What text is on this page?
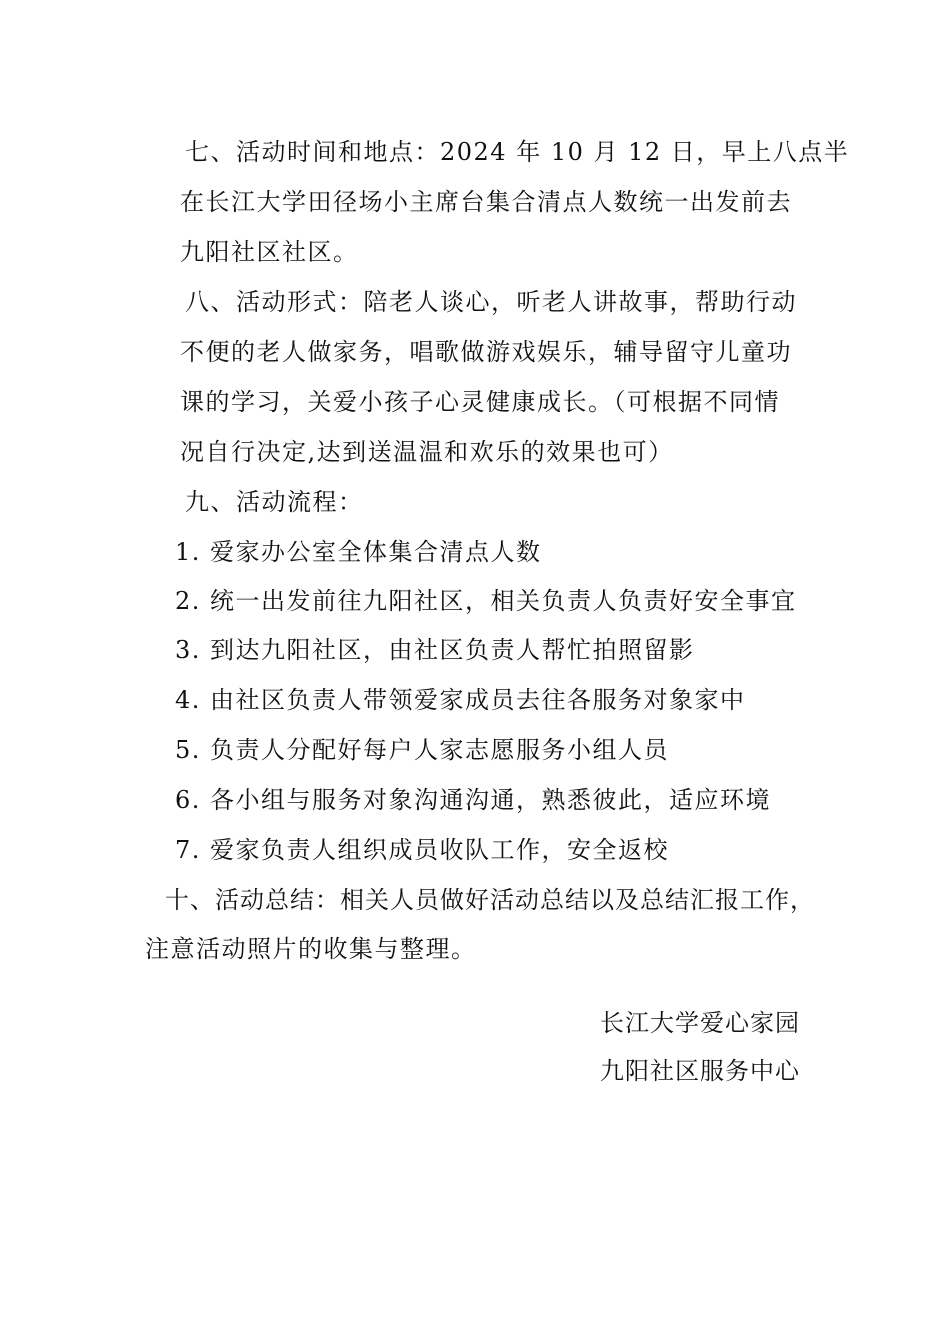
七、活动时间和地点：2024 年 10 月 12 日，早上八点半
在长江大学田径场小主席台集合清点人数统一出发前去
九阳社区社区。
八、活动形式：陪老人谈心，听老人讲故事，帮助行动
不便的老人做家务，唱歌做游戏娱乐，辅导留守儿童功
课的学习，关爱小孩子心灵健康成长。（可根据不同情
况自行决定,达到送温温和欢乐的效果也可）
九、活动流程：
1. 爱家办公室全体集合清点人数
2. 统一出发前往九阳社区，相关负责人负责好安全事宜
3. 到达九阳社区，由社区负责人帮忙拍照留影
4. 由社区负责人带领爱家成员去往各服务对象家中
5. 负责人分配好每户人家志愿服务小组人员
6. 各小组与服务对象沟通沟通，熟悉彼此，适应环境
7. 爱家负责人组织成员收队工作，安全返校
十、活动总结：相关人员做好活动总结以及总结汇报工作，
注意活动照片的收集与整理。
长江大学爱心家园
九阳社区服务中心
